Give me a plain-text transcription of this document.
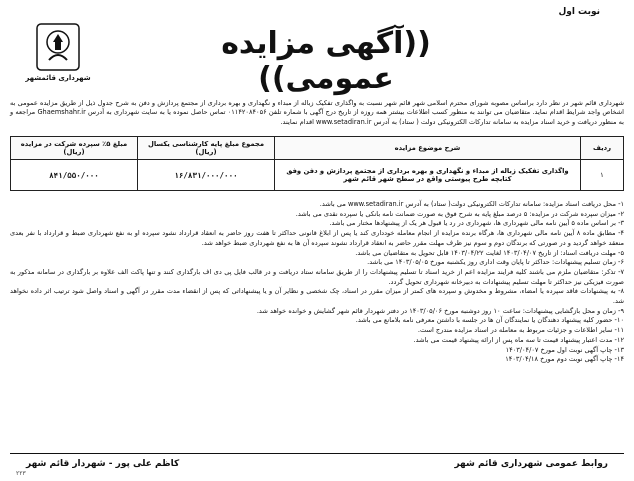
نوبت اول
شهرداری قائمشهر
((آگهی مزایده عمومی))

شهرداری قائم شهر در نظر دارد براساس مصوبه شورای محترم اسلامی شهر قائم شهر نسبت به واگذاری تفکیک زباله از مبداء و نگهداری و بهره برداری از مجتمع پردازش و دفن به شرح جدول ذیل از طریق مزایده عمومی به اشخاص واجد شرایط اقدام نماید. متقاضیان می توانند به منظور کسب اطلاعات بیشتر همه روزه از تاریخ درج آگهی با شماره تلفن ۰۱۱۴۲۰۸۴۰۵۶ تماس حاصل نموده یا به سایت شهرداری به آدرس Ghaemshahr.ir مراجعه و به منظور دریافت و خرید اسناد مزایده به سامانه تدارکات الکترونیکی دولت ( ستاد) به آدرس www.setadiran.ir اقدام نمایند.

ردیف	شرح موضوع مزایده	مجموع مبلغ پایه کارشناسی یکسال (ریال)	مبلغ ۵٪ سپرده شرکت در مزایده (ریال)
۱	واگذاری تفکیک زباله از مبداء و نگهداری و بهره برداری از مجتمع پردازش و دفن وفق کتابچه طرح پیوستی واقع در سطح شهر قائم شهر	۱۶/۸۳۱/۰۰۰/۰۰۰	۸۴۱/۵۵۰/۰۰۰

۱- محل دریافت اسناد مزایده: سامانه تدارکات الکترونیکی دولت( ستاد) به آدرس www.setadiran.ir می باشد.

۲- میزان سپرده شرکت در مزایده: ۵ درصد مبلغ پایه به شرح فوق به صورت ضمانت نامه بانکی یا سپرده نقدی می باشد.

۳- بر اساس ماده ۵ آیین نامه مالی شهرداری ها، شهرداری در رد یا قبول هر یک از پیشنهادها مختار می باشد.

۴- مطابق ماده ۸ آیین نامه مالی شهرداری ها، هرگاه برنده مزایده از انجام معامله خودداری کند یا پس از ابلاغ قانونی حداکثر تا هفت روز حاضر به انعقاد قرارداد نشود سپرده او به نفع شهرداری ضبط و قرارداد با نفر بعدی منعقد خواهد گردید و در صورتی که برندگان دوم و سوم نیز ظرف مهلت مقرر حاضر به انعقاد قرارداد نشوند سپرده آن ها به نفع شهرداری ضبط خواهد شد.

۵- مهلت دریافت اسناد: از تاریخ ۱۴۰۳/۰۴/۰۷ لغایت ۱۴۰۳/۰۴/۲۲ قابل تحویل به متقاضیان می باشد.

۶- زمان تسلیم پیشنهادات: حداکثر تا پایان وقت اداری روز یکشنبه مورخ ۱۴۰۳/۰۵/۰۵ می باشد.

۷- تذکر: متقاضیان ملزم می باشند کلیه فرایند مزایده اعم از خرید اسناد تا تسلیم پیشنهادات را از طریق سامانه ستاد دریافت و در قالب فایل پی دی اف بارگذاری کنند و تنها پاکت الف علاوه بر بارگذاری در سامانه مذکور به صورت فیزیکی نیز حداکثر تا مهلت تسلیم پیشنهادات به دبیرخانه شهرداری تحویل گردد.

۸- به پیشنهادات فاقد سپرده یا امضاء، مشروط و مخدوش و سپرده های کمتر از میزان مقرر در اسناد، چک شخصی و نظایر آن و یا پیشنهاداتی که پس از انقضاء مدت مقرر در آگهی و اسناد واصل شود ترتیب اثر داده نخواهد شد.

۹- زمان و محل بازگشایی پیشنهادات: ساعت ۱۰ روز دوشنبه مورخ ۱۴۰۳/۰۵/۰۶ در دفتر شهردار قائم شهر گشایش و خوانده خواهد شد.

۱۰- حضور کلیه پیشنهاد دهندگان یا نمایندگان آن ها در جلسه با داشتن معرفی نامه بلامانع می باشد.

۱۱- سایر اطلاعات و جزئیات مربوط به معامله در اسناد مزایده مندرج است.

۱۲- مدت اعتبار پیشنهاد قیمت تا سه ماه پس از ارائه پیشنهاد قیمت می باشد.

۱۳- چاپ آگهی نوبت اول مورخ ۱۴۰۳/۰۴/۰۷

۱۴- چاپ آگهی نوبت دوم مورخ ۱۴۰۳/۰۴/۱۸

کاظم علی پور - شهردار قائم شهر	روابط عمومی شهرداری قائم شهر
۲۲۳
